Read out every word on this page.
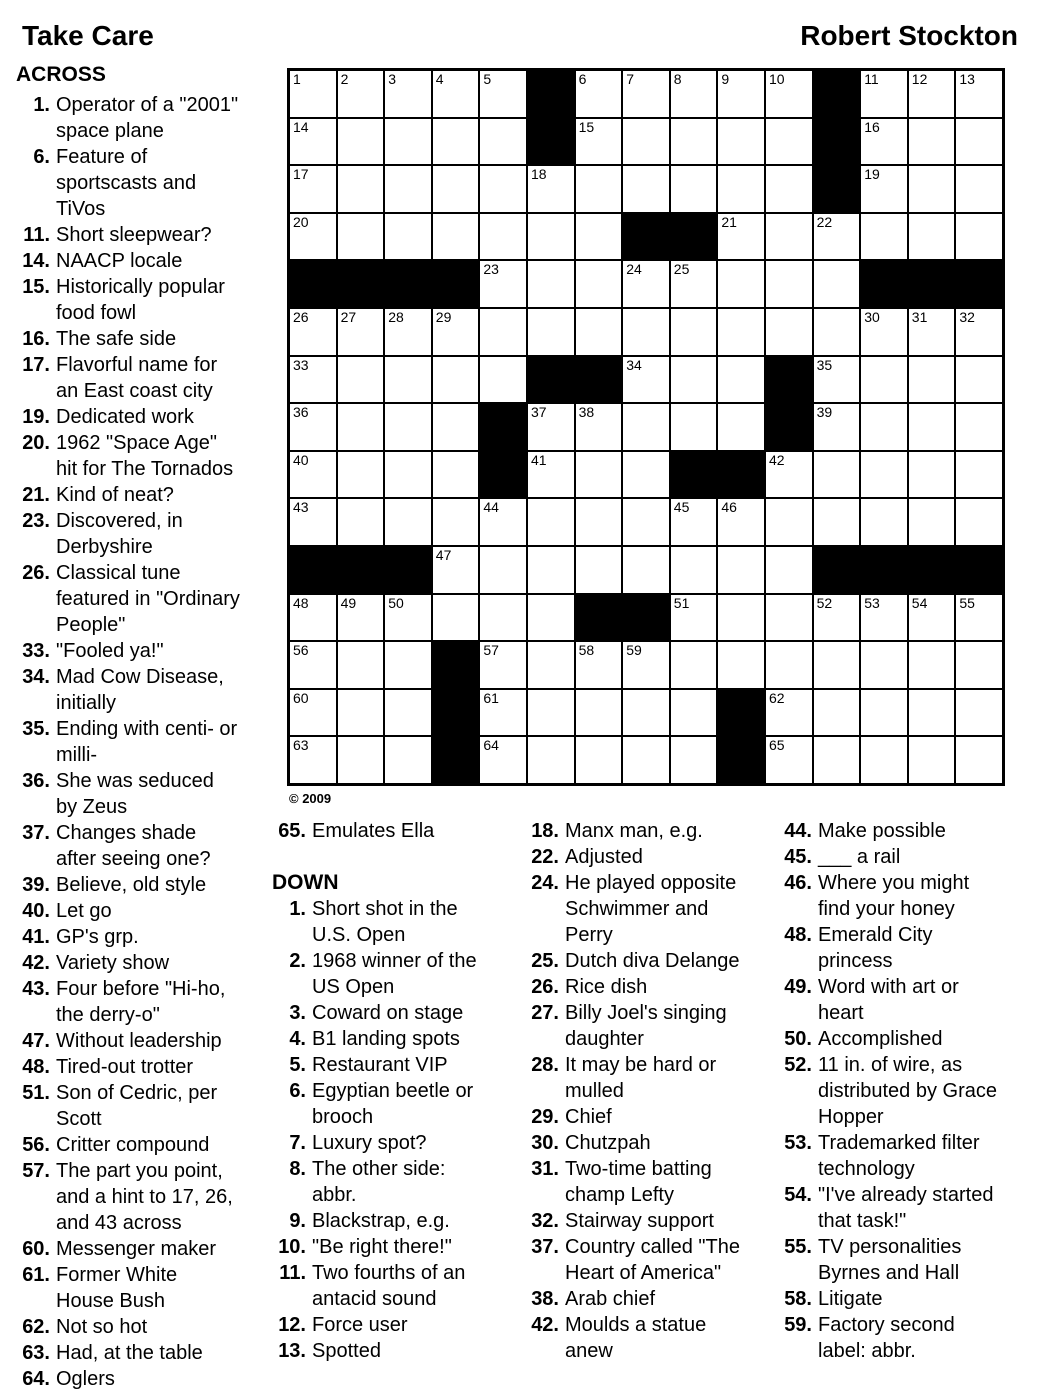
Take Care	Robert Stockton
ACROSS
1. Operator of a "2001" space plane
6. Feature of sportscasts and TiVos
11. Short sleepwear?
14. NAACP locale
15. Historically popular food fowl
16. The safe side
17. Flavorful name for an East coast city
19. Dedicated work
20. 1962 "Space Age" hit for The Tornados
21. Kind of neat?
23. Discovered, in Derbyshire
26. Classical tune featured in "Ordinary People"
33. "Fooled ya!"
34. Mad Cow Disease, initially
35. Ending with centi- or milli-
36. She was seduced by Zeus
37. Changes shade after seeing one?
39. Believe, old style
40. Let go
41. GP's grp.
42. Variety show
43. Four before "Hi-ho, the derry-o"
47. Without leadership
48. Tired-out trotter
51. Son of Cedric, per Scott
56. Critter compound
57. The part you point, and a hint to 17, 26, and 43 across
60. Messenger maker
61. Former White House Bush
62. Not so hot
63. Had, at the table
64. Oglers
1	2	3	4	5	6	7	8	9	10	11 12 13
14	15	16
17	18	19
20	21	22
23	24 25
26 27 28 29	30 31 32
33	34	35
36	37 38	39
40	41	42
43	44	45 46
47
48 49 50	51	52 53 54 55
56	57	58 59
60	61	62
63	64	65
© 2009
65. Emulates Ella
DOWN
1. Short shot in the U.S. Open
2. 1968 winner of the US Open
3. Coward on stage
4. B1 landing spots
5. Restaurant VIP
6. Egyptian beetle or brooch
7. Luxury spot?
8. The other side: abbr.
9. Blackstrap, e.g.
10. "Be right there!"
11. Two fourths of an antacid sound
12. Force user
13. Spotted
18. Manx man, e.g.
22. Adjusted
24. He played opposite Schwimmer and Perry
25. Dutch diva Delange
26. Rice dish
27. Billy Joel's singing daughter
28. It may be hard or mulled
29. Chief
30. Chutzpah
31. Two-time batting champ Lefty
32. Stairway support
37. Country called "The Heart of America"
38. Arab chief
42. Moulds a statue anew
44. Make possible
45. ___ a rail
46. Where you might find your honey
48. Emerald City princess
49. Word with art or heart
50. Accomplished
52. 11 in. of wire, as distributed by Grace Hopper
53. Trademarked filter technology
54. "I've already started that task!"
55. TV personalities Byrnes and Hall
58. Litigate
59. Factory second label: abbr.
